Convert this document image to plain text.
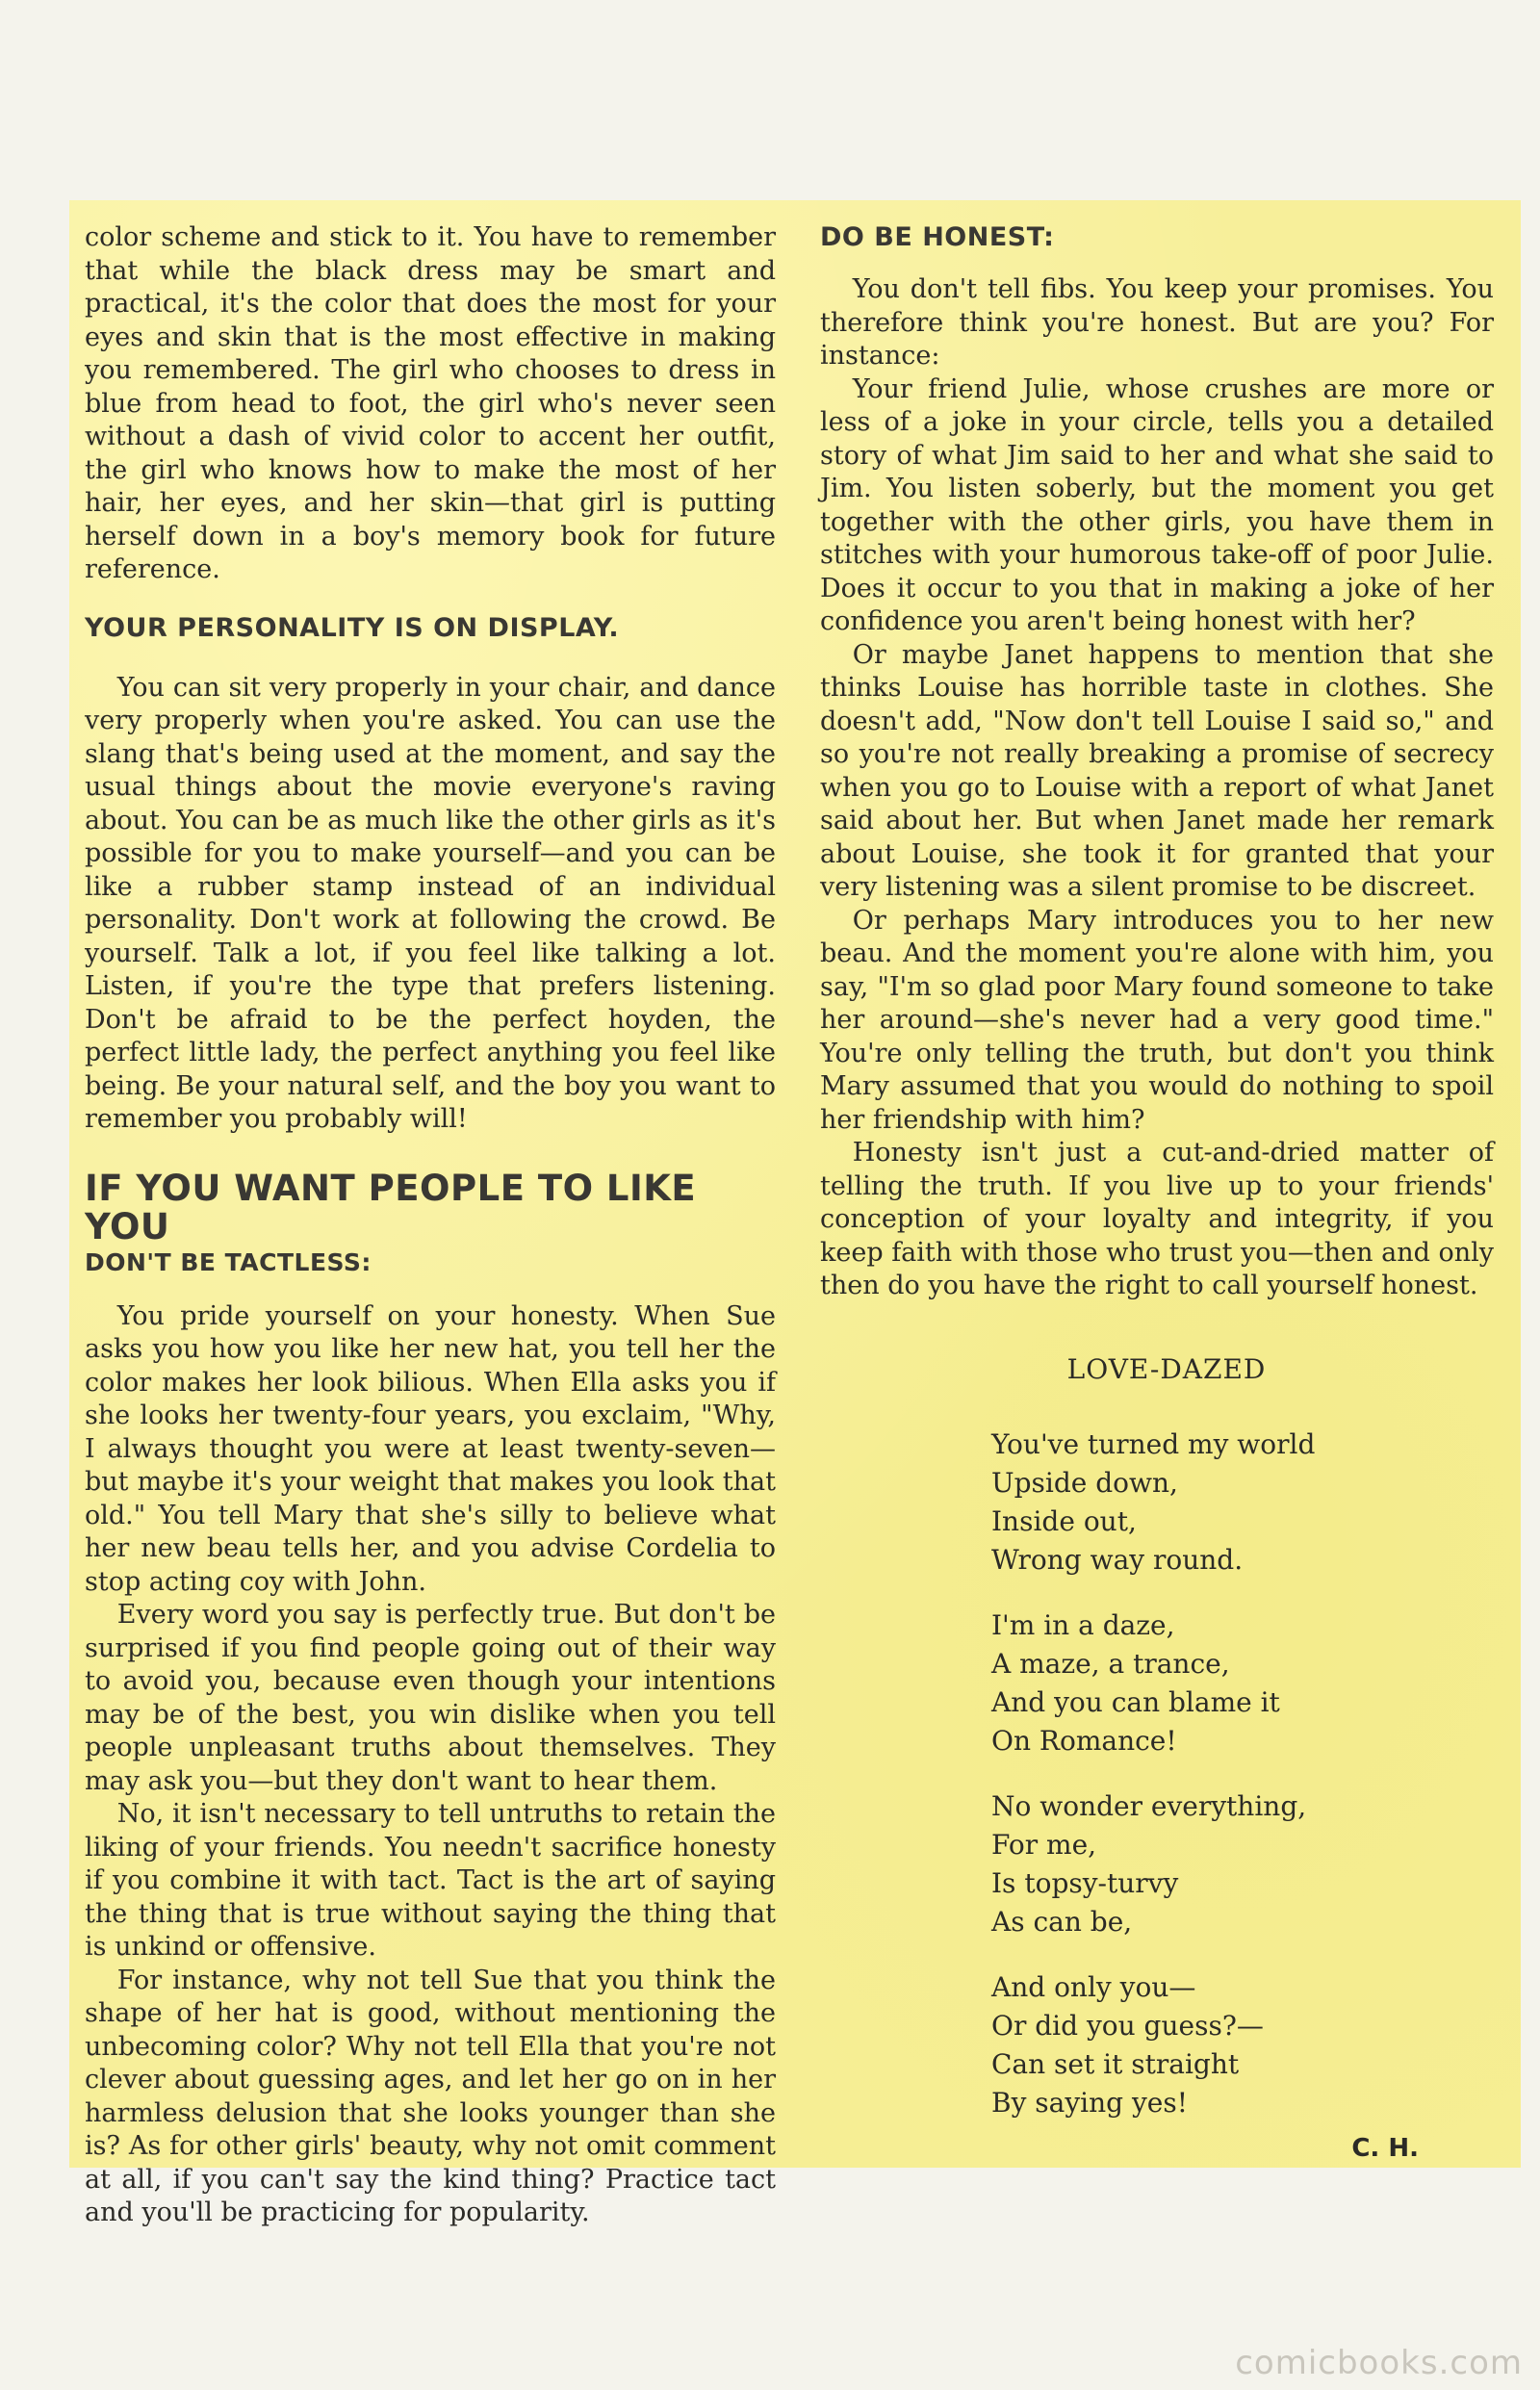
color scheme and stick to it. You have to remember that while the black dress may be smart and practical, it's the color that does the most for your eyes and skin that is the most effective in making you remembered. The girl who chooses to dress in blue from head to foot, the girl who's never seen without a dash of vivid color to accent her outfit, the girl who knows how to make the most of her hair, her eyes, and her skin—that girl is putting herself down in a boy's memory book for future reference.

YOUR PERSONALITY IS ON DISPLAY.

You can sit very properly in your chair, and dance very properly when you're asked. You can use the slang that's being used at the moment, and say the usual things about the movie everyone's raving about. You can be as much like the other girls as it's possible for you to make yourself—and you can be like a rubber stamp instead of an individual personality. Don't work at following the crowd. Be yourself. Talk a lot, if you feel like talking a lot. Listen, if you're the type that prefers listening. Don't be afraid to be the perfect hoyden, the perfect little lady, the perfect anything you feel like being. Be your natural self, and the boy you want to remember you probably will!

IF YOU WANT PEOPLE TO LIKE YOU
DON'T BE TACTLESS:

You pride yourself on your honesty. When Sue asks you how you like her new hat, you tell her the color makes her look bilious. When Ella asks you if she looks her twenty-four years, you exclaim, "Why, I always thought you were at least twenty-seven—but maybe it's your weight that makes you look that old." You tell Mary that she's silly to believe what her new beau tells her, and you advise Cordelia to stop acting coy with John.

Every word you say is perfectly true. But don't be surprised if you find people going out of their way to avoid you, because even though your intentions may be of the best, you win dislike when you tell people unpleasant truths about themselves. They may ask you—but they don't want to hear them.

No, it isn't necessary to tell untruths to retain the liking of your friends. You needn't sacrifice honesty if you combine it with tact. Tact is the art of saying the thing that is true without saying the thing that is unkind or offensive.

For instance, why not tell Sue that you think the shape of her hat is good, without mentioning the unbecoming color? Why not tell Ella that you're not clever about guessing ages, and let her go on in her harmless delusion that she looks younger than she is? As for other girls' beauty, why not omit comment at all, if you can't say the kind thing? Practice tact and you'll be practicing for popularity.

DO BE HONEST:

You don't tell fibs. You keep your promises. You therefore think you're honest. But are you? For instance:

Your friend Julie, whose crushes are more or less of a joke in your circle, tells you a detailed story of what Jim said to her and what she said to Jim. You listen soberly, but the moment you get together with the other girls, you have them in stitches with your humorous take-off of poor Julie. Does it occur to you that in making a joke of her confidence you aren't being honest with her?

Or maybe Janet happens to mention that she thinks Louise has horrible taste in clothes. She doesn't add, "Now don't tell Louise I said so," and so you're not really breaking a promise of secrecy when you go to Louise with a report of what Janet said about her. But when Janet made her remark about Louise, she took it for granted that your very listening was a silent promise to be discreet.

Or perhaps Mary introduces you to her new beau. And the moment you're alone with him, you say, "I'm so glad poor Mary found someone to take her around—she's never had a very good time." You're only telling the truth, but don't you think Mary assumed that you would do nothing to spoil her friendship with him?

Honesty isn't just a cut-and-dried matter of telling the truth. If you live up to your friends' conception of your loyalty and integrity, if you keep faith with those who trust you—then and only then do you have the right to call yourself honest.

LOVE-DAZED
You've turned my world
Upside down,
Inside out,
Wrong way round.
I'm in a daze,
A maze, a trance,
And you can blame it
On Romance!
No wonder everything,
For me,
Is topsy-turvy
As can be,
And only you—
Or did you guess?—
Can set it straight
By saying yes!
C. H.
comicbooks.com
